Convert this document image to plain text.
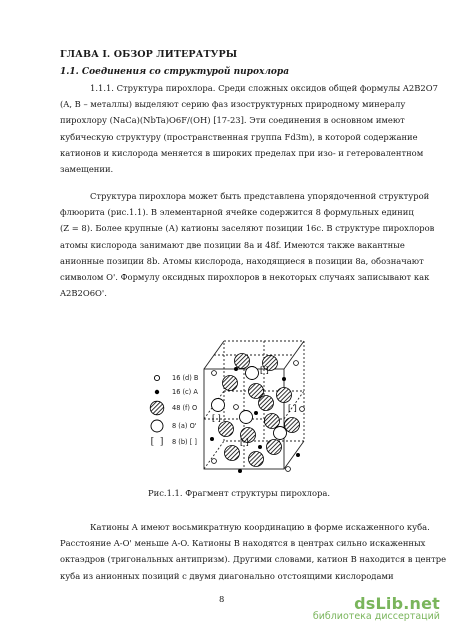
ГЛАВА I. ОБЗОР ЛИТЕРАТУРЫ
1.1. Соединения со структурой пирохлора
1.1.1. Структура пирохлора. Среди сложных оксидов общей формулы A2B2O7
(A, B – металлы) выделяют серию фаз изоструктурных природному минералу
пирохлору (NaCa)(NbTa)O6F/(OH) [17-23]. Эти соединения в основном имеют
кубическую структуру (пространственная группа Fd3m), в которой содержание
катионов и кислорода меняется в широких пределах при изо- и гетеровалентном
замещении.
Структура пирохлора может быть представлена упорядоченной структурой
флюорита (рис.1.1). В элементарной ячейке содержится 8 формульных единиц
(Z = 8). Более крупные (А) катионы заселяют позиции 16c. В структуре пирохлоров
атомы кислорода занимают две позиции 8a и 48f. Имеются также вакантные
анионные позиции 8b. Атомы кислорода, находящиеся в позиции 8a, обозначают
символом O'. Формулу оксидных пирохлоров в некоторых случаях записывают как
A2B2O6O'.
[ ]
[ ]
[ ]
[ ]
16 (d) B
16 (c) A
48 (f) O
8 (a) O'
[  ]	8 (b) [ ]
Рис.1.1. Фрагмент структуры пирохлора.
Катионы А имеют восьмикратную координацию в форме искаженного куба.
Расстояние A-O' меньше A-O. Катионы B находятся в центрах сильно искаженных
октаэдров (тригональных антипризм). Другими словами, катион B находится в центре
куба из анионных позиций с двумя диагонально отстоящими кислородами
8	dsLib.net
библиотека диссертаций
